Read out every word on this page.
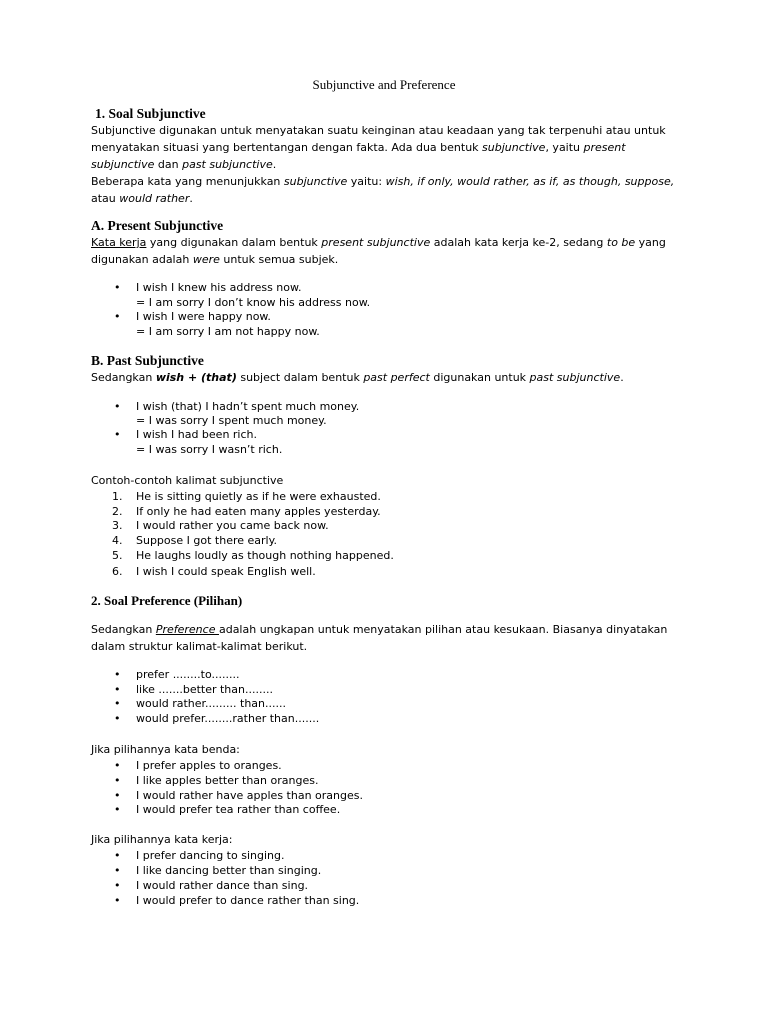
Subjunctive and Preference
1. Soal Subjunctive
Subjunctive digunakan untuk menyatakan suatu keinginan atau keadaan yang tak terpenuhi atau untuk
menyatakan situasi yang bertentangan dengan fakta. Ada dua bentuk subjunctive, yaitu present
subjunctive dan past subjunctive.
Beberapa kata yang menunjukkan subjunctive yaitu: wish, if only, would rather, as if, as though, suppose,
atau would rather.
A. Present Subjunctive
Kata kerja yang digunakan dalam bentuk present subjunctive adalah kata kerja ke-2, sedang to be yang
digunakan adalah were untuk semua subjek.
• I wish I knew his address now.
= I am sorry I don’t know his address now.
• I wish I were happy now.
= I am sorry I am not happy now.
B. Past Subjunctive
Sedangkan wish + (that) subject dalam bentuk past perfect digunakan untuk past subjunctive.
• I wish (that) I hadn’t spent much money.
= I was sorry I spent much money.
• I wish I had been rich.
= I was sorry I wasn’t rich.
Contoh-contoh kalimat subjunctive
1. He is sitting quietly as if he were exhausted.
2. If only he had eaten many apples yesterday.
3. I would rather you came back now.
4. Suppose I got there early.
5. He laughs loudly as though nothing happened.
6. I wish I could speak English well.
2. Soal Preference (Pilihan)
Sedangkan Preference adalah ungkapan untuk menyatakan pilihan atau kesukaan. Biasanya dinyatakan
dalam struktur kalimat-kalimat berikut.
• prefer ........to........
• like .......better than........
• would rather......... than......
• would prefer........rather than.......
Jika pilihannya kata benda:
• I prefer apples to oranges.
• I like apples better than oranges.
• I would rather have apples than oranges.
• I would prefer tea rather than coffee.
Jika pilihannya kata kerja:
• I prefer dancing to singing.
• I like dancing better than singing.
• I would rather dance than sing.
• I would prefer to dance rather than sing.
